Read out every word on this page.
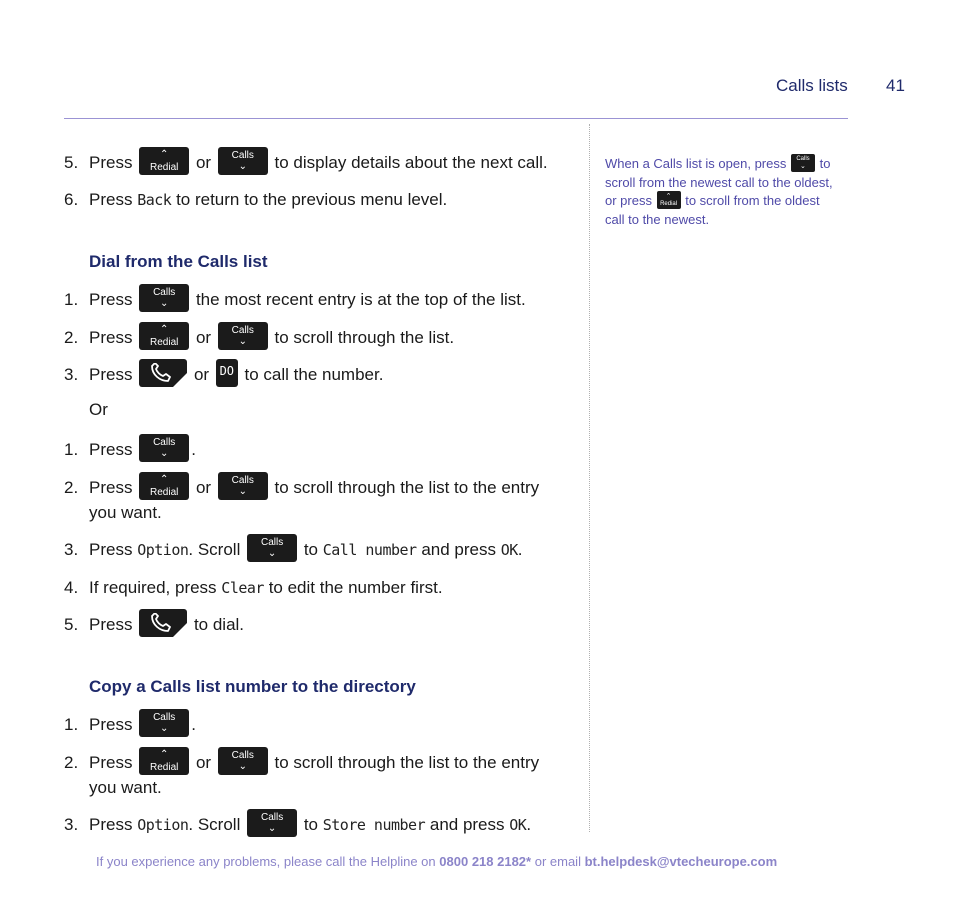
Calls lists 41
5. Press	⌃
Redial	or	Calls
⌄	to display details about the next call.
6. Press Back to return to the previous menu level.
Dial from the Calls list
1. Press	Calls
⌄	the most recent entry is at the top of the list.
2. Press	⌃
Redial	or	Calls
⌄	to scroll through the list.
3. Press	or DO to call the number.
Or
1. Press	Calls
⌄	.
2. Press	⌃
Redial	or	Calls
⌄	to scroll through the list to the entry you want.
3. Press Option. Scroll	Calls
⌄	to Call number and press OK.
4. If required, press Clear to edit the number first.
5. Press	to dial.
Copy a Calls list number to the directory
1. Press	Calls
⌄	.
2. Press	⌃
Redial	or	Calls
⌄	to scroll through the list to the entry you want.
3. Press Option. Scroll	Calls
⌄	to Store number and press OK.
When a Calls list is open, press	Calls
⌄	to scroll from the newest call to the oldest, or press	⌃
Redial to scroll from the oldest call to the newest.
If you experience any problems, please call the Helpline on 0800 218 2182* or email bt.helpdesk@vtecheurope.com
